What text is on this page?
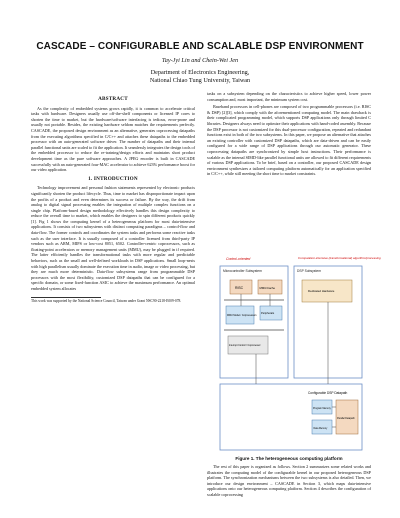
CASCADE – CONFIGURABLE AND SCALABLE DSP ENVIRONMENT
Tay-Jyi Lin and Chein-Wei Jen
Department of Electronics Engineering,
National Chiao Tung University, Taiwan
ABSTRACT
As the complexity of embedded systems grows rapidly, it is common to accelerate critical tasks with hardware. Designers usually use off-the-shelf components or licensed IP cores to shorten the time to market, but the hardware/software interfacing is tedious, error-prone and usually not portable. Besides, the existing hardware seldom matches the requirements perfectly. CASCADE, the proposed design environment as an alternative, generates coprocessing datapaths from the executing algorithms specified in C/C++ and attaches these datapaths to the embedded processor with an auto-generated software driver. The number of datapaths and their internal parallel functional units are scaled to fit the application. It seamlessly integrates the design tools of the embedded processor to reduce the re-training/design efforts and maintains short product development time as the pure software approaches. A JPEG encoder is built in CASCADE successfully with an auto-generated four-MAC accelerator to achieve 623% performance boost for our video application.
1. INTRODUCTION
Technology improvement and personal fashion statements represented by electronic products significantly shorten the product lifecycle. Thus, time to market has disproportionate impact upon the profits of a product and even determines its success or failure. By the way, the drift from analog to digital signal processing enables the integration of multiple complex functions on a single chip. Platform-based design methodology effectively handles this design complexity to reduce the overall time to market, which enables the designers to spin different products quickly [1]. Fig 1 shows the computing kernel of a heterogeneous platform for most data-intensive applications. It consists of two subsystems with distinct computing paradigms – control-flow and data-flow. The former controls and coordinates the system tasks and performs some reactive tasks such as the user interface. It is usually composed of a controller licensed from third-party IP vendors such as ARM, MIPS or low-cost 8051, 6502. Controller-centric coprocessors, such as floating-point accelerators or memory management units (MMU), may be plugged in if required. The latter efficiently handles the transformational tasks with more regular and predictable behaviors, such as the small and well-defined workloads in DSP applications. Small loop-nests with high parallelism usually dominate the execution time in audio, image or video processing, but they are much more deterministic. Data-flow subsystems range from programmable DSP processors with the most flexibility, customized DSP datapaths that can be configured for a specific domain, or some fixed-function ASIC to achieve the maximum performance. An optimal embedded system allocates
This work was supported by the National Science Council, Taiwan under Grant NSC90-2218-E009-078.
tasks on a subsystem depending on the characteristics to achieve higher speed, lower power consumption and, most important, the minimum system cost.
Baseband processors in cell-phones are composed of two programmable processors (i.e. RISC & DSP) [2][3], which comply with the aforementioned computing model. The main drawback is their complicated programming model, which supports DSP applications only through limited C libraries. Designers always need to optimize their applications with hand-coded assembly. Because the DSP processor is not customized for this dual-processor configuration, repeated and redundant functions exist in both of the two subsystems. In this paper, we propose an alternative that attaches an existing controller with customized DSP datapaths, which are data-driven and can be easily configured for a wide range of DSP applications through our automatic generator. These coprocessing datapaths are synchronized by simple host instructions. Their performance is scalable as the internal SIMD-like parallel functional units are allowed to fit different requirements of various DSP applications. To be brief, based on a controller, our proposed CASCADE design environment synthesizes a tailored computing platform automatically for an application specified in C/C++, while still meeting the short time to market constraints.
Control-oriented	Computation-intensive (transformational) algorithm/processing
Microcontroller Subsystem
RISC	MMU/Cache
MMU Model / Coprocessors
Peripherals
Interrupt Control / Coprocessor
DSP Subsystem
Dedicated Hardware
Configurable DSP Datapath
Program Memory
Data Memory
Parallel Datapath
Figure 1. The heterogeneous computing platform
The rest of this paper is organized as follows. Section 2 summarizes some related works and illustrates the computing model of the configurable kernel in our proposed heterogeneous DSP platform. The synchronization mechanisms between the two subsystems is also detailed. Then, we introduce our design environment – CASCADE in Section 3, which maps data-intensive applications onto our heterogeneous computing platform. Section 4 describes the configuration of scalable coprocessing
